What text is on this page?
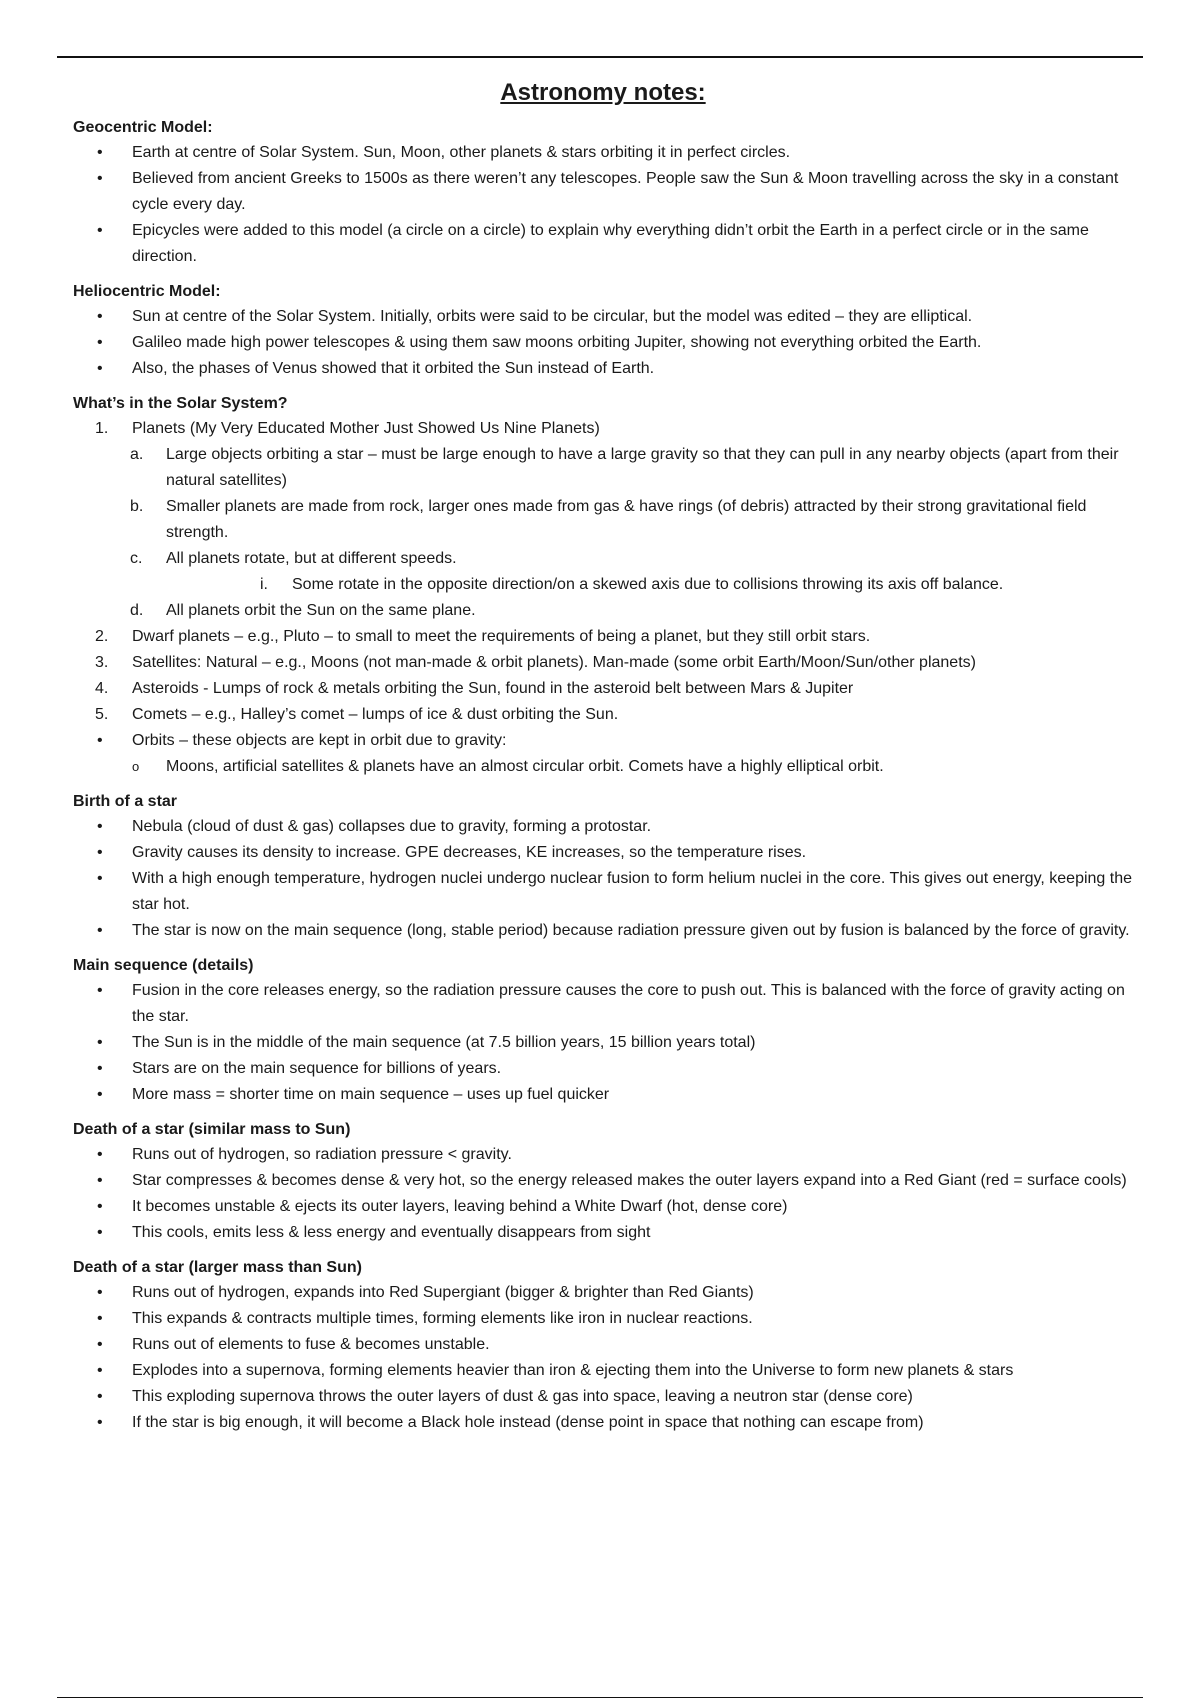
Astronomy notes:
Geocentric Model:
•	Earth at centre of Solar System. Sun, Moon, other planets & stars orbiting it in perfect circles.
•	Believed from ancient Greeks to 1500s as there weren’t any telescopes. People saw the Sun & Moon travelling across the sky in a constant cycle every day.
•	Epicycles were added to this model (a circle on a circle) to explain why everything didn’t orbit the Earth in a perfect circle or in the same direction.
Heliocentric Model:
•	Sun at centre of the Solar System. Initially, orbits were said to be circular, but the model was edited – they are elliptical.
•	Galileo made high power telescopes & using them saw moons orbiting Jupiter, showing not everything orbited the Earth.
•	Also, the phases of Venus showed that it orbited the Sun instead of Earth.
What’s in the Solar System?
1.	Planets (My Very Educated Mother Just Showed Us Nine Planets)
a.	Large objects orbiting a star – must be large enough to have a large gravity so that they can pull in any nearby objects (apart from their natural satellites)
b.	Smaller planets are made from rock, larger ones made from gas & have rings (of debris) attracted by their strong gravitational field strength.
c.	All planets rotate, but at different speeds.
i.	Some rotate in the opposite direction/on a skewed axis due to collisions throwing its axis off balance.
d.	All planets orbit the Sun on the same plane.
2.	Dwarf planets – e.g., Pluto – to small to meet the requirements of being a planet, but they still orbit stars.
3.	Satellites: Natural – e.g., Moons (not man-made & orbit planets). Man-made (some orbit Earth/Moon/Sun/other planets)
4.	Asteroids - Lumps of rock & metals orbiting the Sun, found in the asteroid belt between Mars & Jupiter
5.	Comets – e.g., Halley’s comet – lumps of ice & dust orbiting the Sun.
•	Orbits – these objects are kept in orbit due to gravity:
o	Moons, artificial satellites & planets have an almost circular orbit. Comets have a highly elliptical orbit.
Birth of a star
•	Nebula (cloud of dust & gas) collapses due to gravity, forming a protostar.
•	Gravity causes its density to increase. GPE decreases, KE increases, so the temperature rises.
•	With a high enough temperature, hydrogen nuclei undergo nuclear fusion to form helium nuclei in the core. This gives out energy, keeping the star hot.
•	The star is now on the main sequence (long, stable period) because radiation pressure given out by fusion is balanced by the force of gravity.
Main sequence (details)
•	Fusion in the core releases energy, so the radiation pressure causes the core to push out. This is balanced with the force of gravity acting on the star.
•	The Sun is in the middle of the main sequence (at 7.5 billion years, 15 billion years total)
•	Stars are on the main sequence for billions of years.
•	More mass = shorter time on main sequence – uses up fuel quicker
Death of a star (similar mass to Sun)
•	Runs out of hydrogen, so radiation pressure < gravity.
•	Star compresses & becomes dense & very hot, so the energy released makes the outer layers expand into a Red Giant (red = surface cools)
•	It becomes unstable & ejects its outer layers, leaving behind a White Dwarf (hot, dense core)
•	This cools, emits less & less energy and eventually disappears from sight
Death of a star (larger mass than Sun)
•	Runs out of hydrogen, expands into Red Supergiant (bigger & brighter than Red Giants)
•	This expands & contracts multiple times, forming elements like iron in nuclear reactions.
•	Runs out of elements to fuse & becomes unstable.
•	Explodes into a supernova, forming elements heavier than iron & ejecting them into the Universe to form new planets & stars
•	This exploding supernova throws the outer layers of dust & gas into space, leaving a neutron star (dense core)
•	If the star is big enough, it will become a Black hole instead (dense point in space that nothing can escape from)
